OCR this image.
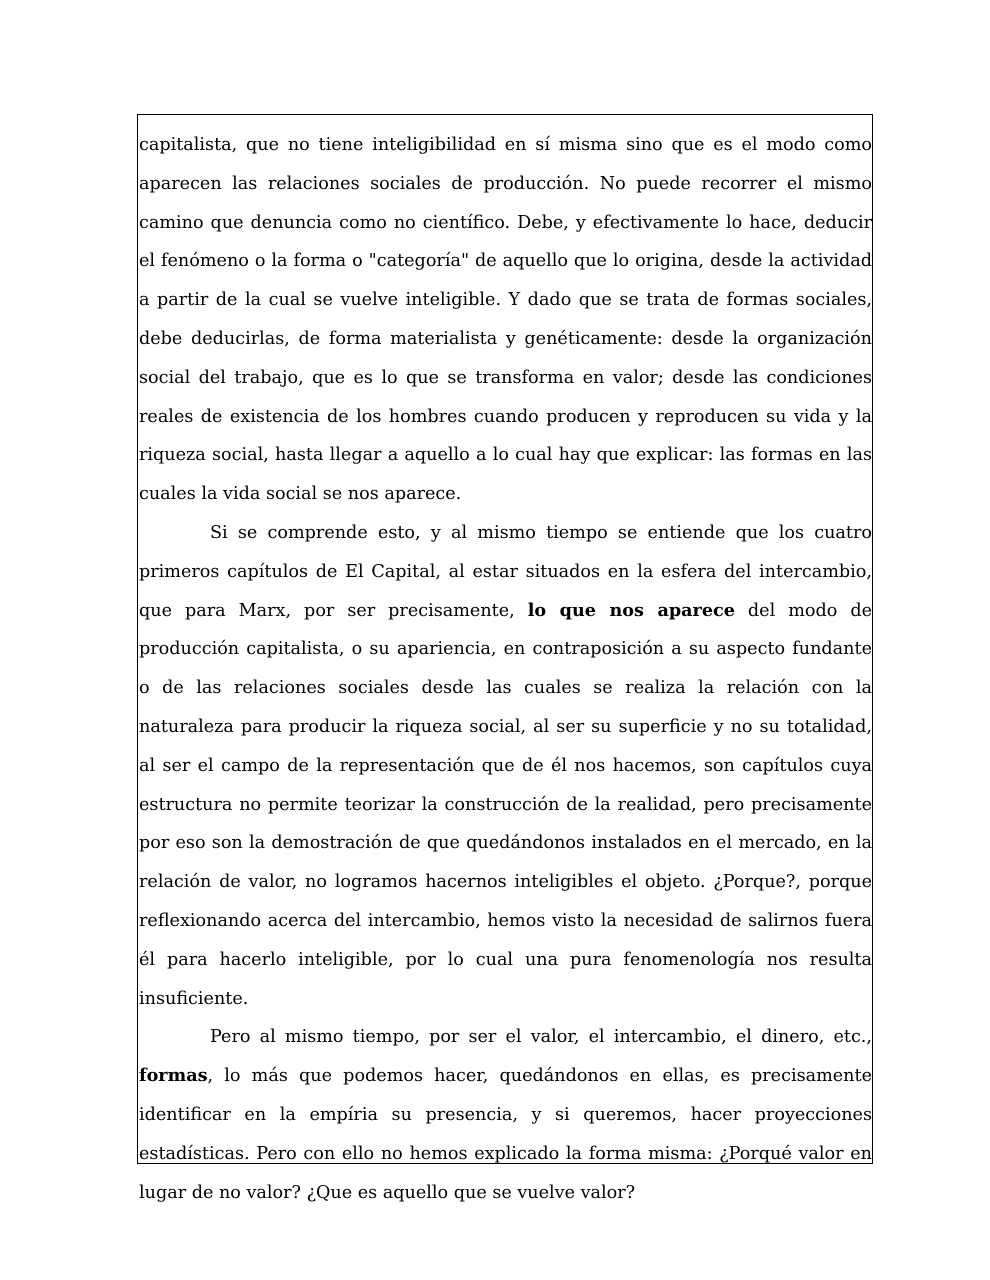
capitalista, que no tiene inteligibilidad en sí misma sino que es el modo como aparecen las relaciones sociales de producción. No puede recorrer el mismo camino que denuncia como no científico. Debe, y efectivamente lo hace, deducir el fenómeno o la forma o "categoría" de aquello que lo origina, desde la actividad a partir de la cual se vuelve inteligible. Y dado que se trata de formas sociales, debe deducirlas, de forma materialista y genéticamente: desde la organización social del trabajo, que es lo que se transforma en valor; desde las condiciones reales de existencia de los hombres cuando producen y reproducen su vida y la riqueza social, hasta llegar a aquello a lo cual hay que explicar: las formas en las cuales la vida social se nos aparece.

Si se comprende esto, y al mismo tiempo se entiende que los cuatro primeros capítulos de El Capital, al estar situados en la esfera del intercambio, que para Marx, por ser precisamente, lo que nos aparece del modo de producción capitalista, o su apariencia, en contraposición a su aspecto fundante o de las relaciones sociales desde las cuales se realiza la relación con la naturaleza para producir la riqueza social, al ser su superficie y no su totalidad, al ser el campo de la representación que de él nos hacemos, son capítulos cuya estructura no permite teorizar la construcción de la realidad, pero precisamente por eso son la demostración de que quedándonos instalados en el mercado, en la relación de valor, no logramos hacernos inteligibles el objeto. ¿Porque?, porque reflexionando acerca del intercambio, hemos visto la necesidad de salirnos fuera él para hacerlo inteligible, por lo cual una pura fenomenología nos resulta insuficiente.

Pero al mismo tiempo, por ser el valor, el intercambio, el dinero, etc., formas, lo más que podemos hacer, quedándonos en ellas, es precisamente identificar en la empíria su presencia, y si queremos, hacer proyecciones estadísticas. Pero con ello no hemos explicado la forma misma: ¿Porqué valor en lugar de no valor? ¿Que es aquello que se vuelve valor?
